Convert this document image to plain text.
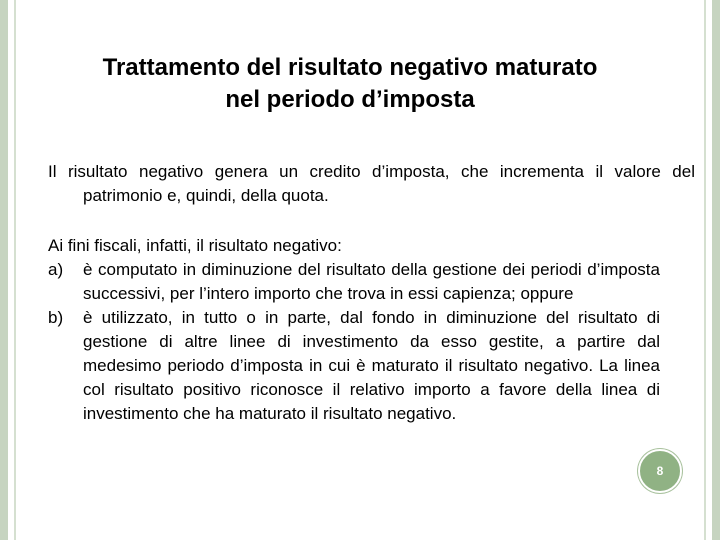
Trattamento del risultato negativo maturato
nel periodo d’imposta
Il risultato negativo genera un credito d’imposta, che incrementa il valore del patrimonio e, quindi, della quota.
Ai fini fiscali, infatti, il risultato negativo:
a)	è computato in diminuzione del risultato della gestione dei periodi d’imposta successivi, per l’intero importo che trova in essi capienza; oppure
b)	è utilizzato, in tutto o in parte, dal fondo in diminuzione del risultato di gestione di altre linee di investimento da esso gestite, a partire dal medesimo periodo d’imposta in cui è maturato il risultato negativo. La linea col risultato positivo riconosce il relativo importo a favore della linea di investimento che ha maturato il risultato negativo.
8
